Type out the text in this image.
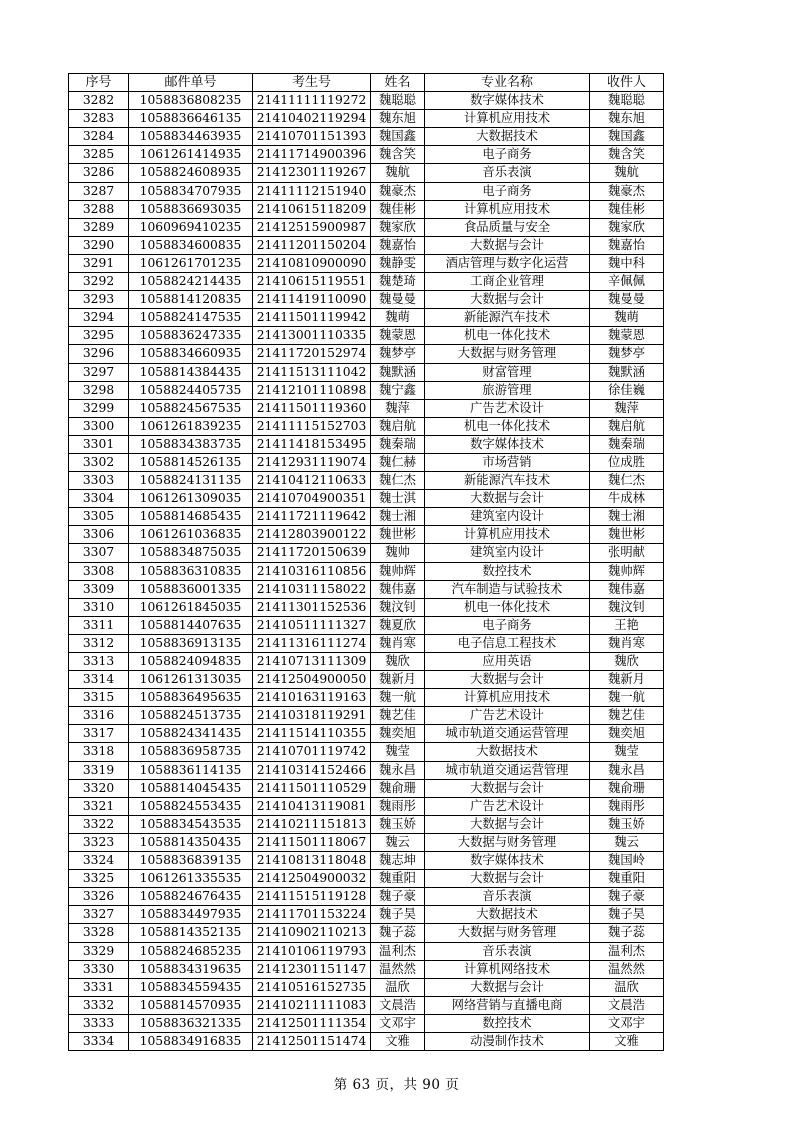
序号	邮件单号	考生号	姓名	专业名称	收件人
3282	1058836808235	21411111119272	魏聪聪	数字媒体技术	魏聪聪
3283	1058836646135	21410402119294	魏东旭	计算机应用技术	魏东旭
3284	1058834463935	21410701151393	魏国鑫	大数据技术	魏国鑫
3285	1061261414935	21411714900396	魏含笑	电子商务	魏含笑
3286	1058824608935	21412301119267	魏航	音乐表演	魏航
3287	1058834707935	21411112151940	魏豪杰	电子商务	魏豪杰
3288	1058836693035	21410615118209	魏佳彬	计算机应用技术	魏佳彬
3289	1060969410235	21412515900987	魏家欣	食品质量与安全	魏家欣
3290	1058834600835	21411201150204	魏嘉怡	大数据与会计	魏嘉怡
3291	1061261701235	21410810900090	魏静雯	酒店管理与数字化运营	魏中科
3292	1058824214435	21410615119551	魏楚琦	工商企业管理	辛佩佩
3293	1058814120835	21411419110090	魏曼曼	大数据与会计	魏曼曼
3294	1058824147535	21411501119942	魏萌	新能源汽车技术	魏萌
3295	1058836247335	21413001110335	魏蒙恩	机电一体化技术	魏蒙恩
3296	1058834660935	21411720152974	魏梦亭	大数据与财务管理	魏梦亭
3297	1058814384435	21411513111042	魏默涵	财富管理	魏默涵
3298	1058824405735	21412101110898	魏宁鑫	旅游管理	徐佳巍
3299	1058824567535	21411501119360	魏萍	广告艺术设计	魏萍
3300	1061261839235	21411115152703	魏启航	机电一体化技术	魏启航
3301	1058834383735	21411418153495	魏秦瑞	数字媒体技术	魏秦瑞
3302	1058814526135	21412931119074	魏仁赫	市场营销	位成胜
3303	1058824131135	21410412110633	魏仁杰	新能源汽车技术	魏仁杰
3304	1061261309035	21410704900351	魏士淇	大数据与会计	牛成林
3305	1058814685435	21411721119642	魏士湘	建筑室内设计	魏士湘
3306	1061261036835	21412803900122	魏世彬	计算机应用技术	魏世彬
3307	1058834875035	21411720150639	魏帅	建筑室内设计	张明献
3308	1058836310835	21410316110856	魏帅辉	数控技术	魏帅辉
3309	1058836001335	21410311158022	魏伟嘉	汽车制造与试验技术	魏伟嘉
3310	1061261845035	21411301152536	魏汶钊	机电一体化技术	魏汶钊
3311	1058814407635	21410511111327	魏夏欣	电子商务	王艳
3312	1058836913135	21411316111274	魏肖寒	电子信息工程技术	魏肖寒
3313	1058824094835	21410713111309	魏欣	应用英语	魏欣
3314	1061261313035	21412504900050	魏新月	大数据与会计	魏新月
3315	1058836495635	21410163119163	魏一航	计算机应用技术	魏一航
3316	1058824513735	21410318119291	魏艺佳	广告艺术设计	魏艺佳
3317	1058824341435	21411514110355	魏奕旭	城市轨道交通运营管理	魏奕旭
3318	1058836958735	21410701119742	魏莹	大数据技术	魏莹
3319	1058836114135	21410314152466	魏永昌	城市轨道交通运营管理	魏永昌
3320	1058814045435	21411501110529	魏俞珊	大数据与会计	魏俞珊
3321	1058824553435	21410413119081	魏雨彤	广告艺术设计	魏雨彤
3322	1058834543535	21410211151813	魏玉娇	大数据与会计	魏玉娇
3323	1058814350435	21411501118067	魏云	大数据与财务管理	魏云
3324	1058836839135	21410813118048	魏志坤	数字媒体技术	魏国岭
3325	1061261335535	21412504900032	魏重阳	大数据与会计	魏重阳
3326	1058824676435	21411515119128	魏子豪	音乐表演	魏子豪
3327	1058834497935	21411701153224	魏子昊	大数据技术	魏子昊
3328	1058814352135	21410902110213	魏子蕊	大数据与财务管理	魏子蕊
3329	1058824685235	21410106119793	温利杰	音乐表演	温利杰
3330	1058834319635	21412301151147	温然然	计算机网络技术	温然然
3331	1058834559435	21410516152735	温欣	大数据与会计	温欣
3332	1058814570935	21410211111083	文晨浩	网络营销与直播电商	文晨浩
3333	1058836321335	21412501111354	文邓宇	数控技术	文邓宇
3334	1058834916835	21412501151474	文雅	动漫制作技术	文雅
第 63 页，共 90 页
